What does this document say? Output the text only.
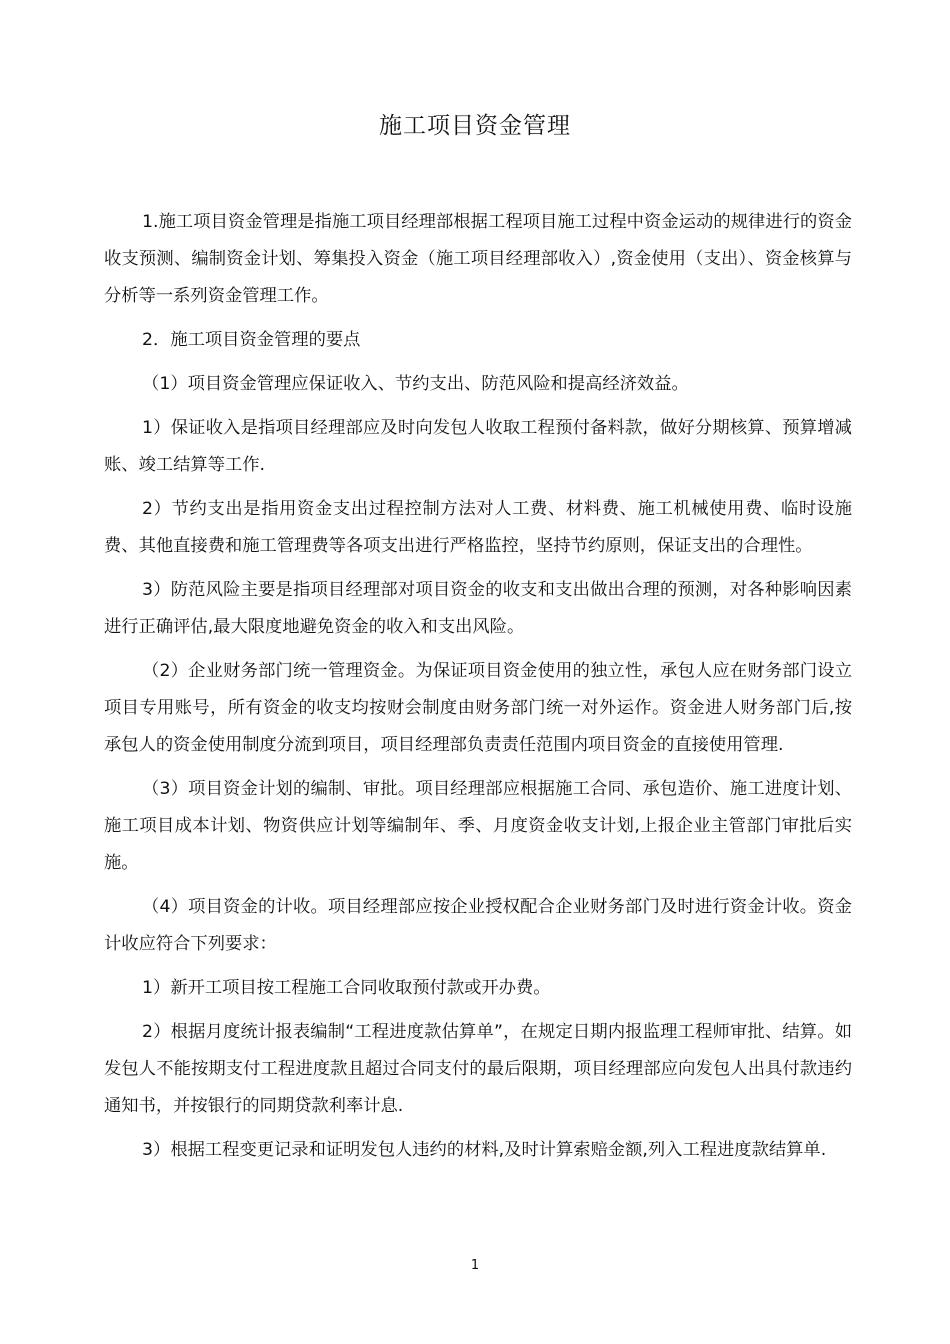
施工项目资金管理

1.施工项目资金管理是指施工项目经理部根据工程项目施工过程中资金运动的规律进行的资金收支预测、编制资金计划、筹集投入资金（施工项目经理部收入）,资金使用（支出）、资金核算与分析等一系列资金管理工作。

2．施工项目资金管理的要点

（1）项目资金管理应保证收入、节约支出、防范风险和提高经济效益。

1）保证收入是指项目经理部应及时向发包人收取工程预付备料款，做好分期核算、预算增减账、竣工结算等工作.

2）节约支出是指用资金支出过程控制方法对人工费、材料费、施工机械使用费、临时设施费、其他直接费和施工管理费等各项支出进行严格监控，坚持节约原则，保证支出的合理性。

3）防范风险主要是指项目经理部对项目资金的收支和支出做出合理的预测，对各种影响因素进行正确评估,最大限度地避免资金的收入和支出风险。

（2）企业财务部门统一管理资金。为保证项目资金使用的独立性，承包人应在财务部门设立项目专用账号，所有资金的收支均按财会制度由财务部门统一对外运作。资金进人财务部门后,按承包人的资金使用制度分流到项目，项目经理部负责责任范围内项目资金的直接使用管理.

（3）项目资金计划的编制、审批。项目经理部应根据施工合同、承包造价、施工进度计划、施工项目成本计划、物资供应计划等编制年、季、月度资金收支计划,上报企业主管部门审批后实施。

（4）项目资金的计收。项目经理部应按企业授权配合企业财务部门及时进行资金计收。资金计收应符合下列要求：

1）新开工项目按工程施工合同收取预付款或开办费。

2）根据月度统计报表编制“工程进度款估算单”，在规定日期内报监理工程师审批、结算。如发包人不能按期支付工程进度款且超过合同支付的最后限期，项目经理部应向发包人出具付款违约通知书，并按银行的同期贷款利率计息.

3）根据工程变更记录和证明发包人违约的材料,及时计算索赔金额,列入工程进度款结算单.

1
